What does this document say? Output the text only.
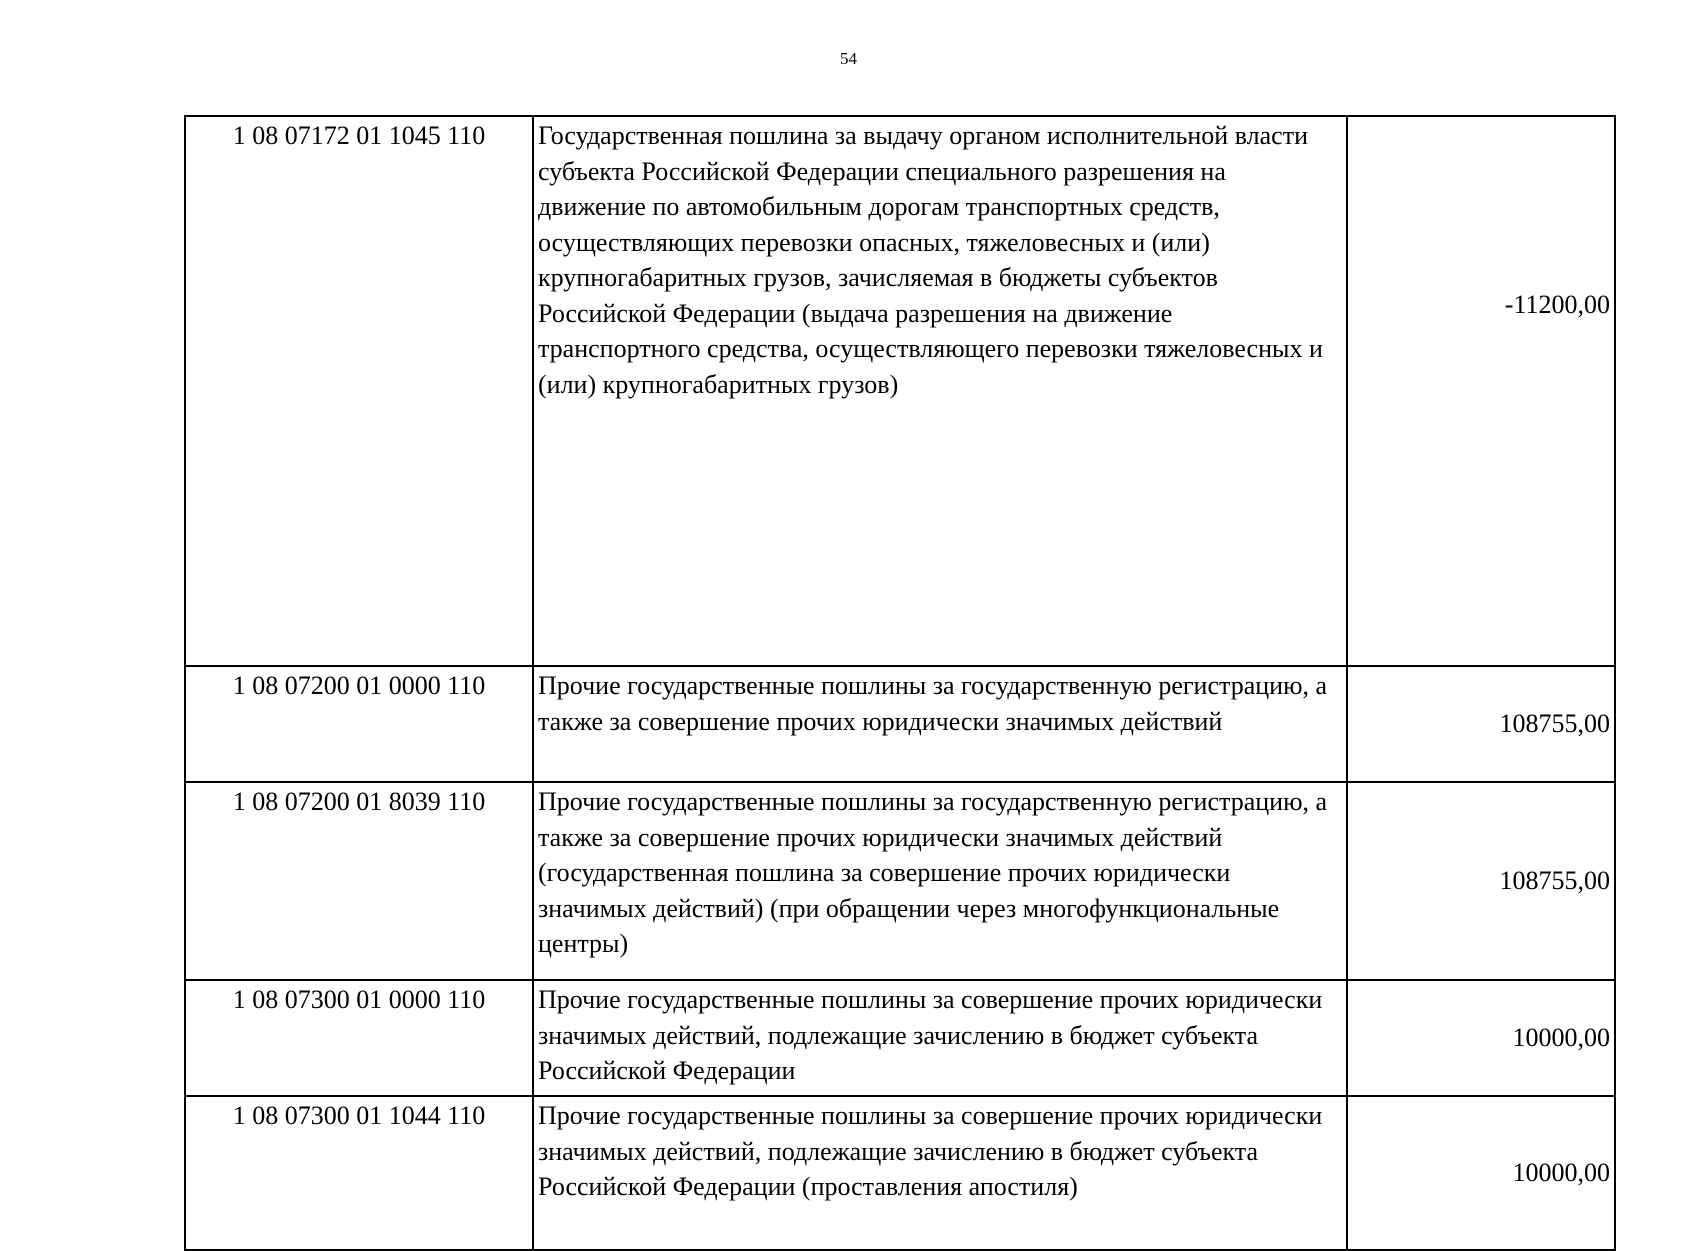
54
1 08 07172 01 1045 110	Государственная пошлина за выдачу органом исполнительной власти субъекта Российской Федерации специального разрешения на движение по автомобильным дорогам транспортных средств, осуществляющих перевозки опасных, тяжеловесных и (или) крупногабаритных грузов, зачисляемая в бюджеты субъектов Российской Федерации (выдача разрешения на движение транспортного средства, осуществляющего перевозки тяжеловесных и (или) крупногабаритных грузов)	-11200,00
1 08 07200 01 0000 110	Прочие государственные пошлины за государственную регистрацию, а также за совершение прочих юридически значимых действий	108755,00
1 08 07200 01 8039 110	Прочие государственные пошлины за государственную регистрацию, а также за совершение прочих юридически значимых действий (государственная пошлина за совершение прочих юридически значимых действий) (при обращении через многофункциональные центры)	108755,00
1 08 07300 01 0000 110	Прочие государственные пошлины за совершение прочих юридически значимых действий, подлежащие зачислению в бюджет субъекта Российской Федерации	10000,00
1 08 07300 01 1044 110	Прочие государственные пошлины за совершение прочих юридически значимых действий, подлежащие зачислению в бюджет субъекта Российской Федерации (проставления апостиля)	10000,00
